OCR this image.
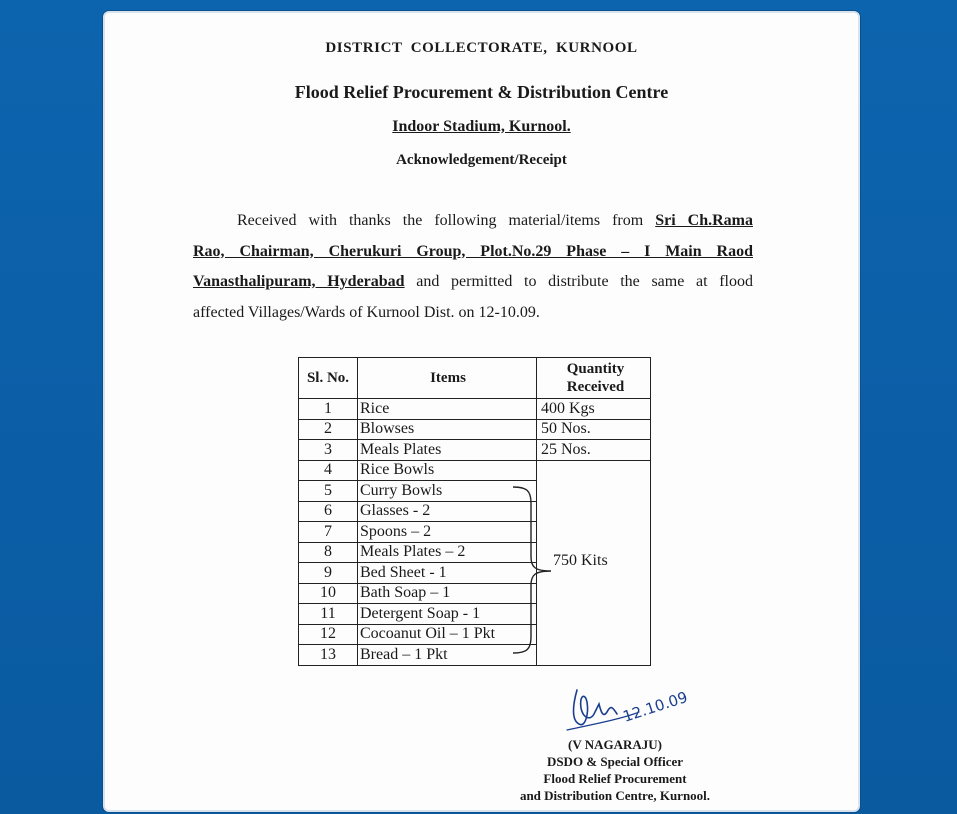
DISTRICT COLLECTORATE, KURNOOL
Flood Relief Procurement & Distribution Centre
Indoor Stadium, Kurnool.
Acknowledgement/Receipt
Received with thanks the following material/items from Sri Ch.Rama
Rao, Chairman, Cherukuri Group, Plot.No.29 Phase – I Main Raod
Vanasthalipuram, Hyderabad and permitted to distribute the same at flood
affected Villages/Wards of Kurnool Dist. on 12-10.09.
Sl. No.	Items	Quantity Received
1	Rice	400 Kgs
2	Blowses	50 Nos.
3	Meals Plates	25 Nos.
4	Rice Bowls	
5	Curry Bowls	
6	Glasses - 2	
7	Spoons – 2	
8	Meals Plates – 2	
9	Bed Sheet - 1	
10	Bath Soap – 1	
11	Detergent Soap - 1	
12	Cocoanut Oil – 1 Pkt	
13	Bread – 1 Pkt	
750 Kits
12.10.09
(V NAGARAJU)
DSDO & Special Officer
Flood Relief Procurement
and Distribution Centre, Kurnool.
